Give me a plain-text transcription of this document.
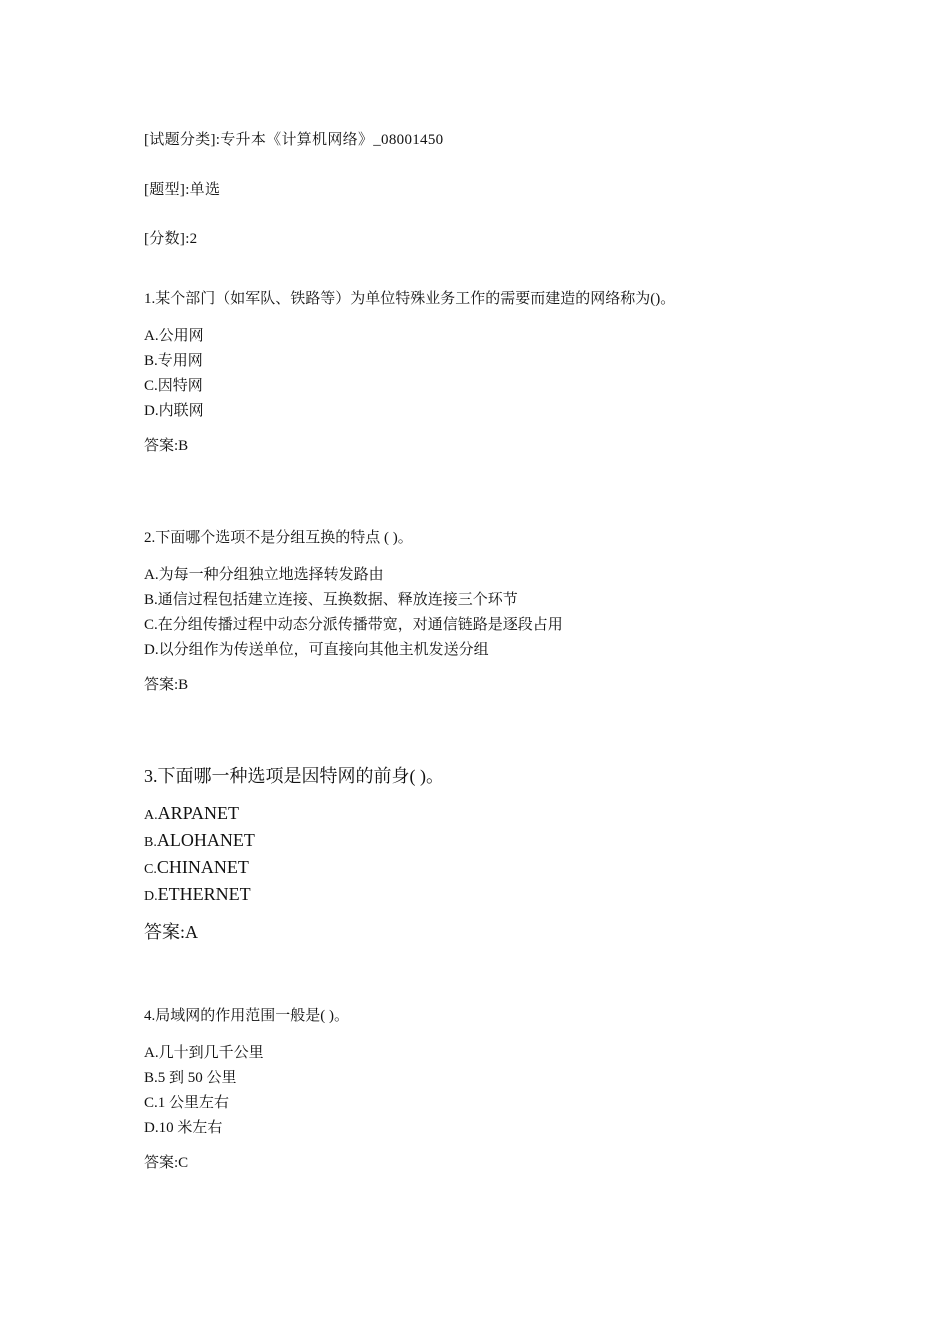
[试题分类]:专升本《计算机网络》_08001450
[题型]:单选
[分数]:2
1.某个部门（如军队、铁路等）为单位特殊业务工作的需要而建造的网络称为()。
A.公用网
B.专用网
C.因特网
D.内联网
答案:B
2.下面哪个选项不是分组互换的特点 ( )。
A.为每一种分组独立地选择转发路由
B.通信过程包括建立连接、互换数据、释放连接三个环节
C.在分组传播过程中动态分派传播带宽，对通信链路是逐段占用
D.以分组作为传送单位，可直接向其他主机发送分组
答案:B
3.下面哪一种选项是因特网的前身( )。
A.ARPANET
B.ALOHANET
C.CHINANET
D.ETHERNET
答案:A
4.局域网的作用范围一般是( )。
A.几十到几千公里
B.5 到 50 公里
C.1 公里左右
D.10 米左右
答案:C
